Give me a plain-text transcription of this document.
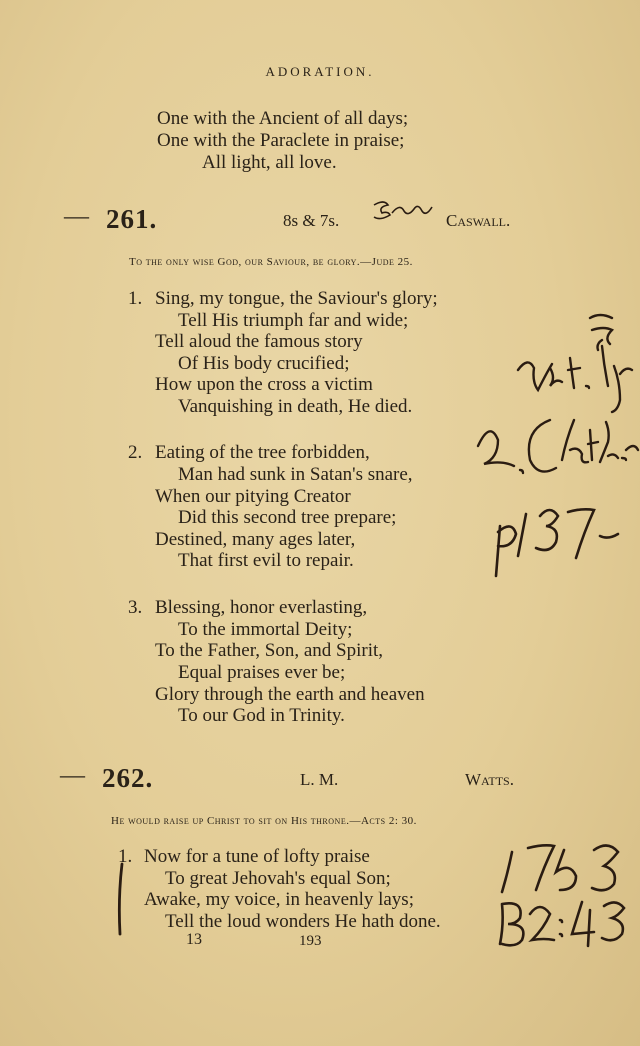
ADORATION.
One with the Ancient of all days;
One with the Paraclete in praise;
All light, all love.
— 261.	8s & 7s.	Caswall.
To the only wise God, our Saviour, be glory.—Jude 25.
1. Sing, my tongue, the Saviour's glory;
Tell His triumph far and wide;
Tell aloud the famous story
Of His body crucified;
How upon the cross a victim
Vanquishing in death, He died.
2. Eating of the tree forbidden,
Man had sunk in Satan's snare,
When our pitying Creator
Did this second tree prepare;
Destined, many ages later,
That first evil to repair.
3. Blessing, honor everlasting,
To the immortal Deity;
To the Father, Son, and Spirit,
Equal praises ever be;
Glory through the earth and heaven
To our God in Trinity.
— 262.	L. M.	Watts.
He would raise up Christ to sit on His throne.—Acts 2: 30.
1. Now for a tune of lofty praise
To great Jehovah's equal Son;
Awake, my voice, in heavenly lays;
Tell the loud wonders He hath done.
13	193
